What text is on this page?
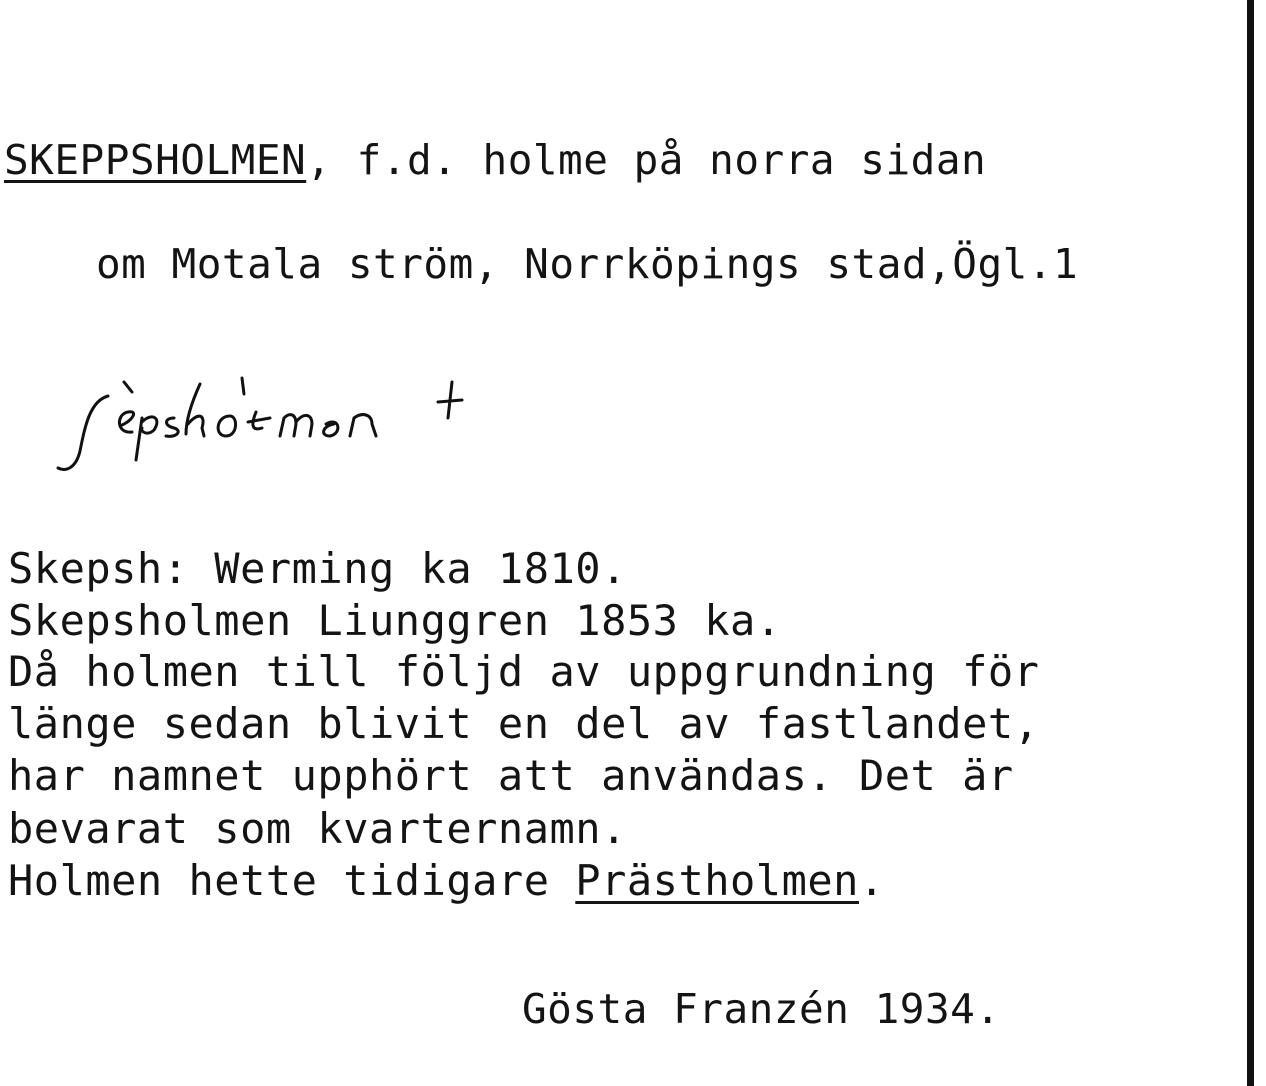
SKEPPSHOLMEN, f.d. holme på norra sidan
om Motala ström, Norrköpings stad,Ögl.1
Skepsh: Werming ka 1810.
Skepsholmen Liunggren 1853 ka.
Då holmen till följd av uppgrundning för
länge sedan blivit en del av fastlandet,
har namnet upphört att användas. Det är
bevarat som kvarternamn.
Holmen hette tidigare Prästholmen.
Gösta Franzén 1934.
